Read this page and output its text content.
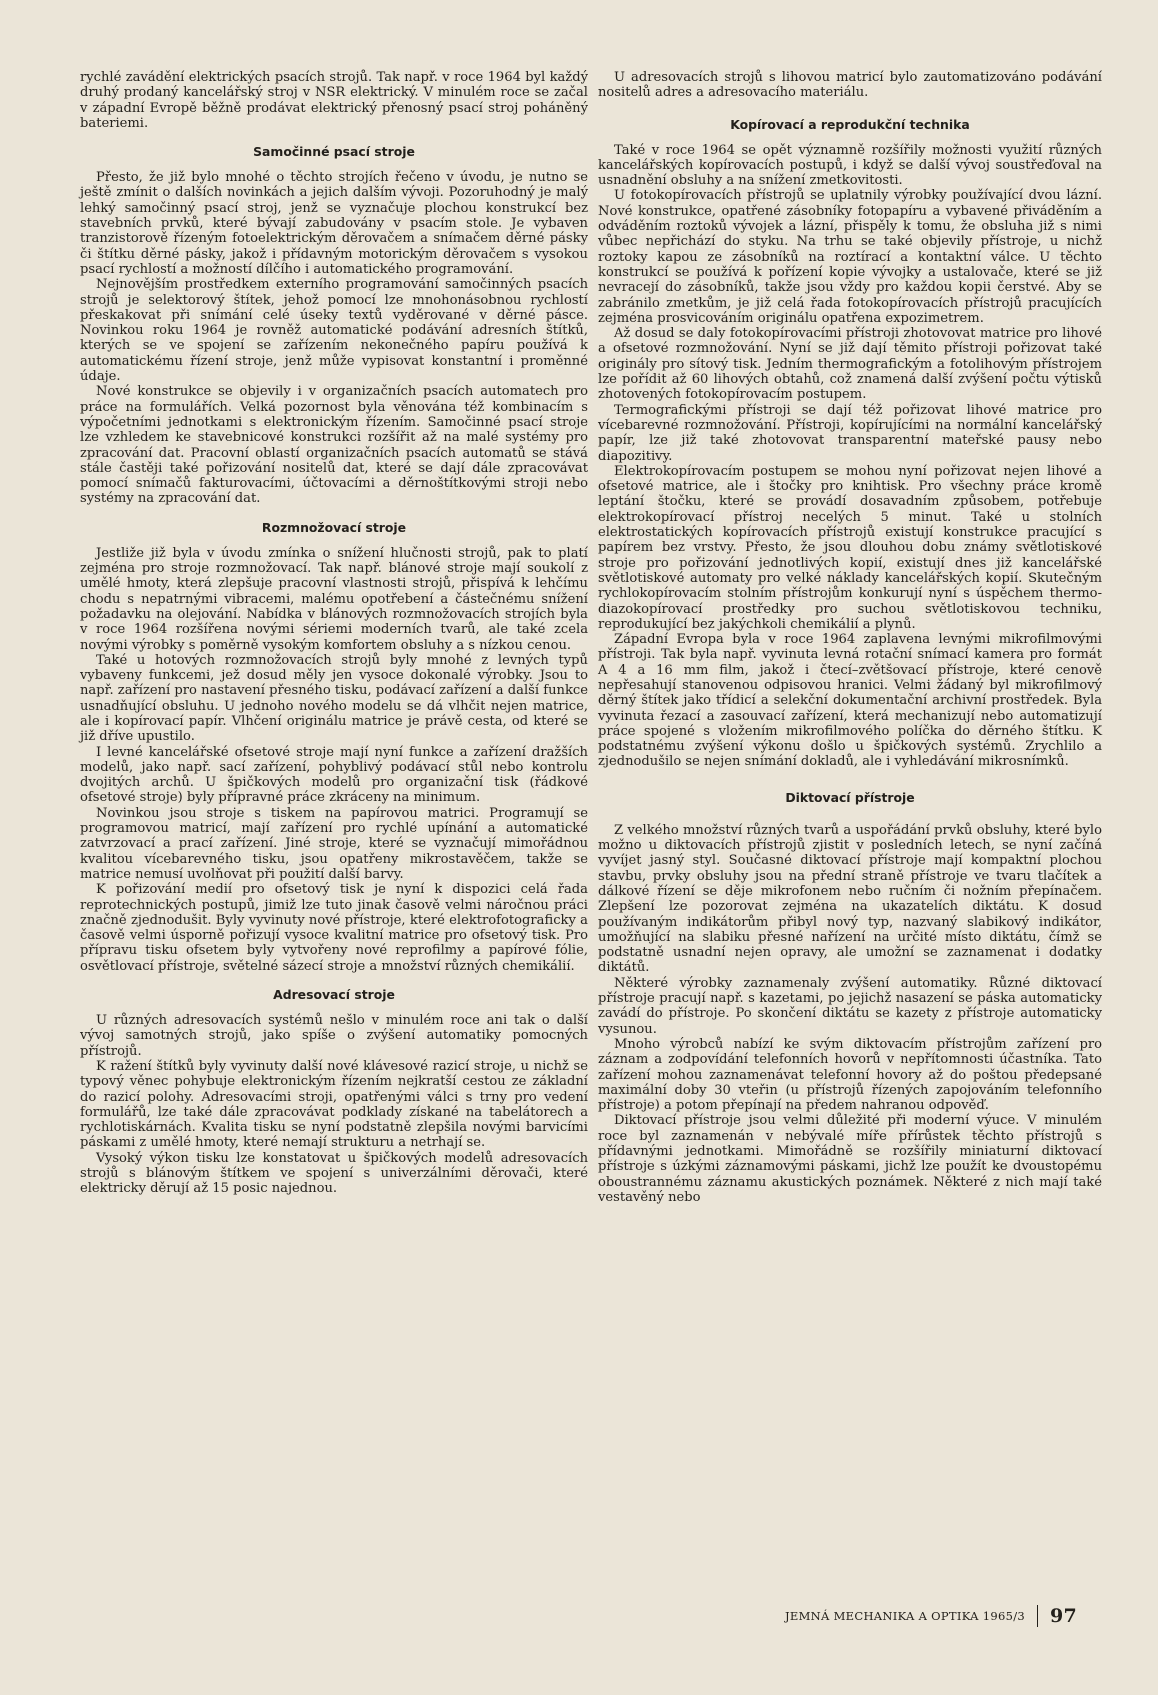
rychlé zavádění elektrických psacích strojů. Tak např. v roce 1964 byl každý druhý prodaný kancelářský stroj v NSR elektrický. V minulém roce se začal v západní Evropě běžně prodávat elektrický přenosný psací stroj poháněný bateriemi.

Samočinné psací stroje

Přesto, že již bylo mnohé o těchto strojích řečeno v úvodu, je nutno se ještě zmínit o dalších novinkách a jejich dalším vývoji. Pozoruhodný je malý lehký samočinný psací stroj, jenž se vyznačuje plochou konstrukcí bez stavebních prvků, které bývají zabudovány v psacím stole. Je vybaven tranzistorově řízeným fotoelektrickým děrovačem a snímačem děrné pásky či štítku děrné pásky, jakož i přídavným motorickým děrovačem s vysokou psací rychlostí a možností dílčího i automatického programování.

Nejnovějším prostředkem externího programování samočinných psacích strojů je selektorový štítek, jehož pomocí lze mnohonásobnou rychlostí přeskakovat při snímání celé úseky textů vyděrované v děrné pásce. Novinkou roku 1964 je rovněž automatické podávání adresních štítků, kterých se ve spojení se zařízením nekonečného papíru používá k automatickému řízení stroje, jenž může vypisovat konstantní i proměnné údaje.

Nové konstrukce se objevily i v organizačních psacích automatech pro práce na formulářích. Velká pozornost byla věnována též kombinacím s výpočetními jednotkami s elektronickým řízením. Samočinné psací stroje lze vzhledem ke stavebnicové konstrukci rozšířit až na malé systémy pro zpracování dat. Pracovní oblastí organizačních psacích automatů se stává stále častěji také pořizování nositelů dat, které se dají dále zpracovávat pomocí snímačů fakturovacími, účtovacími a děrnoštítkovými stroji nebo systémy na zpracování dat.

Rozmnožovací stroje

Jestliže již byla v úvodu zmínka o snížení hlučnosti strojů, pak to platí zejména pro stroje rozmnožovací. Tak např. blánové stroje mají soukolí z umělé hmoty, která zlepšuje pracovní vlastnosti strojů, přispívá k lehčímu chodu s nepatrnými vibracemi, malému opotřebení a částečnému snížení požadavku na olejování. Nabídka v blánových rozmnožovacích strojích byla v roce 1964 rozšířena novými sériemi moderních tvarů, ale také zcela novými výrobky s poměrně vysokým komfortem obsluhy a s nízkou cenou.

Také u hotových rozmnožovacích strojů byly mnohé z levných typů vybaveny funkcemi, jež dosud měly jen vysoce dokonalé výrobky. Jsou to např. zařízení pro nastavení přesného tisku, podávací zařízení a další funkce usnadňující obsluhu. U jednoho nového modelu se dá vlhčit nejen matrice, ale i kopírovací papír. Vlhčení originálu matrice je právě cesta, od které se již dříve upustilo.

I levné kancelářské ofsetové stroje mají nyní funkce a zařízení dražších modelů, jako např. sací zařízení, pohyblivý podávací stůl nebo kontrolu dvojitých archů. U špičkových modelů pro organizační tisk (řádkové ofsetové stroje) byly přípravné práce zkráceny na minimum.

Novinkou jsou stroje s tiskem na papírovou matrici. Programují se programovou matricí, mají zařízení pro rychlé upínání a automatické zatvrzovací a prací zařízení. Jiné stroje, které se vyznačují mimořádnou kvalitou vícebarevného tisku, jsou opatřeny mikrostavěčem, takže se matrice nemusí uvolňovat při použití další barvy.

K pořizování medií pro ofsetový tisk je nyní k dispozici celá řada reprotechnických postupů, jimiž lze tuto jinak časově velmi náročnou práci značně zjednodušit. Byly vyvinuty nové přístroje, které elektrofotograficky a časově velmi úsporně pořizují vysoce kvalitní matrice pro ofsetový tisk. Pro přípravu tisku ofsetem byly vytvořeny nové reprofilmy a papírové fólie, osvětlovací přístroje, světelné sázecí stroje a množství různých chemikálií.

Adresovací stroje

U různých adresovacích systémů nešlo v minulém roce ani tak o další vývoj samotných strojů, jako spíše o zvýšení automatiky pomocných přístrojů.

K ražení štítků byly vyvinuty další nové klávesové razicí stroje, u nichž se typový věnec pohybuje elektronickým řízením nejkratší cestou ze základní do razicí polohy. Adresovacími stroji, opatřenými válci s trny pro vedení formulářů, lze také dále zpracovávat podklady získané na tabelátorech a rychlotiskárnách. Kvalita tisku se nyní podstatně zlepšila novými barvicími páskami z umělé hmoty, které nemají strukturu a netrhají se.

Vysoký výkon tisku lze konstatovat u špičkových modelů adresovacích strojů s blánovým štítkem ve spojení s univerzálními děrovači, které elektricky děrují až 15 posic najednou.

U adresovacích strojů s lihovou matricí bylo zautomatizováno podávání nositelů adres a adresovacího materiálu.

Kopírovací a reprodukční technika

Také v roce 1964 se opět významně rozšířily možnosti využití různých kancelářských kopírovacích postupů, i když se další vývoj soustřeďoval na usnadnění obsluhy a na snížení zmetkovitosti.

U fotokopírovacích přístrojů se uplatnily výrobky používající dvou lázní. Nové konstrukce, opatřené zásobníky fotopapíru a vybavené přiváděním a odváděním roztoků vývojek a lázní, přispěly k tomu, že obsluha již s nimi vůbec nepřichází do styku. Na trhu se také objevily přístroje, u nichž roztoky kapou ze zásobníků na roztírací a kontaktní válce. U těchto konstrukcí se používá k pořízení kopie vývojky a ustalovače, které se již nevracejí do zásobníků, takže jsou vždy pro každou kopii čerstvé. Aby se zabránilo zmetkům, je již celá řada fotokopírovacích přístrojů pracujících zejména prosvicováním originálu opatřena expozimetrem.

Až dosud se daly fotokopírovacími přístroji zhotovovat matrice pro lihové a ofsetové rozmnožování. Nyní se již dají těmito přístroji pořizovat také originály pro sítový tisk. Jedním thermografickým a fotolihovým přístrojem lze pořídit až 60 lihových obtahů, což znamená další zvýšení počtu výtisků zhotovených fotokopírovacím postupem.

Termografickými přístroji se dají též pořizovat lihové matrice pro vícebarevné rozmnožování. Přístroji, kopírujícími na normální kancelářský papír, lze již také zhotovovat transparentní mateřské pausy nebo diapozitivy.

Elektrokopírovacím postupem se mohou nyní pořizovat nejen lihové a ofsetové matrice, ale i štočky pro knihtisk. Pro všechny práce kromě leptání štočku, které se provádí dosavadním způsobem, potřebuje elektrokopírovací přístroj necelých 5 minut. Také u stolních elektrostatických kopírovacích přístrojů existují konstrukce pracující s papírem bez vrstvy. Přesto, že jsou dlouhou dobu známy světlotiskové stroje pro pořizování jednotlivých kopií, existují dnes již kancelářské světlotiskové automaty pro velké náklady kancelářských kopií. Skutečným rychlokopírovacím stolním přístrojům konkurují nyní s úspěchem thermo-diazokopírovací prostředky pro suchou světlotiskovou techniku, reprodukující bez jakýchkoli chemikálií a plynů.

Západní Evropa byla v roce 1964 zaplavena levnými mikrofilmovými přístroji. Tak byla např. vyvinuta levná rotační snímací kamera pro formát A 4 a 16 mm film, jakož i čtecí–zvětšovací přístroje, které cenově nepřesahují stanovenou odpisovou hranici. Velmi žádaný byl mikrofilmový děrný štítek jako třídicí a selekční dokumentační archivní prostředek. Byla vyvinuta řezací a zasouvací zařízení, která mechanizují nebo automatizují práce spojené s vložením mikrofilmového políčka do děrného štítku. K podstatnému zvýšení výkonu došlo u špičkových systémů. Zrychlilo a zjednodušilo se nejen snímání dokladů, ale i vyhledávání mikrosnímků.

Diktovací přístroje

Z velkého množství různých tvarů a uspořádání prvků obsluhy, které bylo možno u diktovacích přístrojů zjistit v posledních letech, se nyní začíná vyvíjet jasný styl. Současné diktovací přístroje mají kompaktní plochou stavbu, prvky obsluhy jsou na přední straně přístroje ve tvaru tlačítek a dálkové řízení se děje mikrofonem nebo ručním či nožním přepínačem. Zlepšení lze pozorovat zejména na ukazatelích diktátu. K dosud používaným indikátorům přibyl nový typ, nazvaný slabikový indikátor, umožňující na slabiku přesné nařízení na určité místo diktátu, čímž se podstatně usnadní nejen opravy, ale umožní se zaznamenat i dodatky diktátů.

Některé výrobky zaznamenaly zvýšení automatiky. Různé diktovací přístroje pracují např. s kazetami, po jejichž nasazení se páska automaticky zavádí do přístroje. Po skončení diktátu se kazety z přístroje automaticky vysunou.

Mnoho výrobců nabízí ke svým diktovacím přístrojům zařízení pro záznam a zodpovídání telefonních hovorů v nepřítomnosti účastníka. Tato zařízení mohou zaznamenávat telefonní hovory až do poštou předepsané maximální doby 30 vteřin (u přístrojů řízených zapojováním telefonního přístroje) a potom přepínají na předem nahranou odpověď.

Diktovací přístroje jsou velmi důležité při moderní výuce. V minulém roce byl zaznamenán v nebývalé míře přírůstek těchto přístrojů s přídavnými jednotkami. Mimořádně se rozšířily miniaturní diktovací přístroje s úzkými záznamovými páskami, jichž lze použít ke dvoustopému oboustrannému záznamu akustických poznámek. Některé z nich mají také vestavěný nebo

JEMNÁ MECHANIKA A OPTIKA 1965/3 97
